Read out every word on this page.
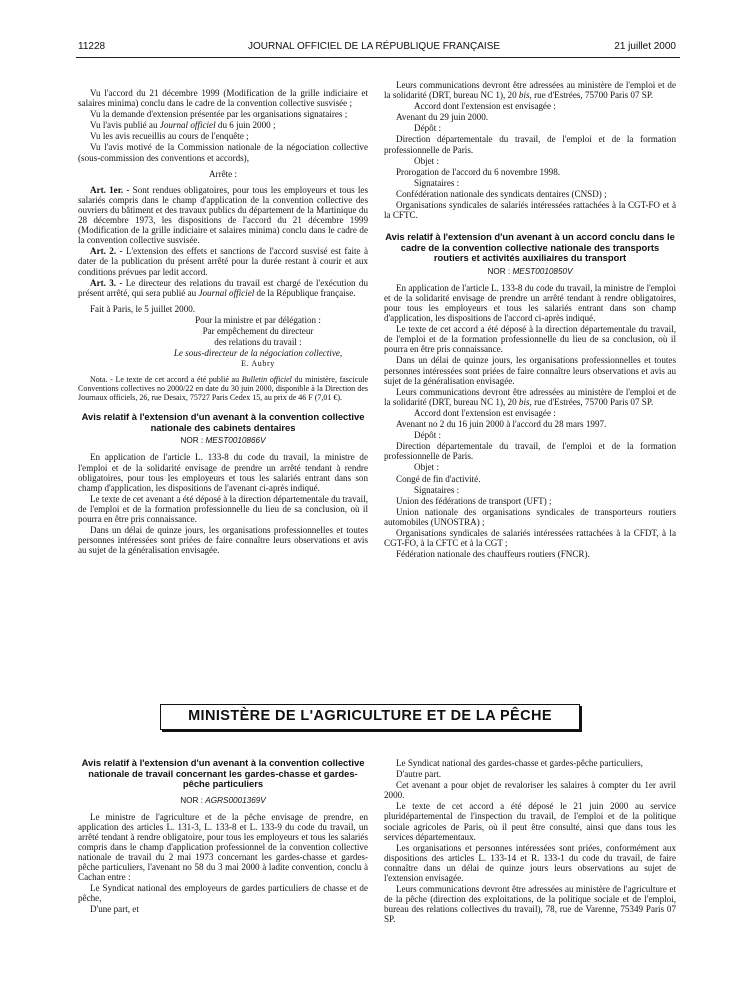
11228	JOURNAL OFFICIEL DE LA RÉPUBLIQUE FRANÇAISE	21 juillet 2000

Vu l'accord du 21 décembre 1999 (Modification de la grille indiciaire et salaires minima) conclu dans le cadre de la convention collective susvisée ;

Vu la demande d'extension présentée par les organisations signataires ;

Vu l'avis publié au Journal officiel du 6 juin 2000 ;

Vu les avis recueillis au cours de l'enquête ;

Vu l'avis motivé de la Commission nationale de la négociation collective (sous-commission des conventions et accords),

Arrête :

Art. 1er. - Sont rendues obligatoires, pour tous les employeurs et tous les salariés compris dans le champ d'application de la convention collective des ouvriers du bâtiment et des travaux publics du département de la Martinique du 28 décembre 1973, les dispositions de l'accord du 21 décembre 1999 (Modification de la grille indiciaire et salaires minima) conclu dans le cadre de la convention collective susvisée.

Art. 2. - L'extension des effets et sanctions de l'accord susvisé est faite à dater de la publication du présent arrêté pour la durée restant à courir et aux conditions prévues par ledit accord.

Art. 3. - Le directeur des relations du travail est chargé de l'exécution du présent arrêté, qui sera publié au Journal officiel de la République française.

Fait à Paris, le 5 juillet 2000.

Pour la ministre et par délégation :

Par empêchement du directeur

des relations du travail :

Le sous-directeur de la négociation collective,

E. Aubry

Nota. - Le texte de cet accord a été publié au Bulletin officiel du ministère, fascicule Conventions collectives no 2000/22 en date du 30 juin 2000, disponible à la Direction des Journaux officiels, 26, rue Desaix, 75727 Paris Cedex 15, au prix de 46 F (7,01 €).

Avis relatif à l'extension d'un avenant à la convention collective nationale des cabinets dentaires

NOR : MEST0010866V

En application de l'article L. 133-8 du code du travail, la ministre de l'emploi et de la solidarité envisage de prendre un arrêté tendant à rendre obligatoires, pour tous les employeurs et tous les salariés entrant dans son champ d'application, les dispositions de l'avenant ci-après indiqué.

Le texte de cet avenant a été déposé à la direction départementale du travail, de l'emploi et de la formation professionnelle du lieu de sa conclusion, où il pourra en être pris connaissance.

Dans un délai de quinze jours, les organisations professionnelles et toutes personnes intéressées sont priées de faire connaître leurs observations et avis au sujet de la généralisation envisagée.

Leurs communications devront être adressées au ministère de l'emploi et de la solidarité (DRT, bureau NC 1), 20 bis, rue d'Estrées, 75700 Paris 07 SP.

Accord dont l'extension est envisagée :

Avenant du 29 juin 2000.

Dépôt :

Direction départementale du travail, de l'emploi et de la formation professionnelle de Paris.

Objet :

Prorogation de l'accord du 6 novembre 1998.

Signataires :

Confédération nationale des syndicats dentaires (CNSD) ;

Organisations syndicales de salariés intéressées rattachées à la CGT-FO et à la CFTC.

Avis relatif à l'extension d'un avenant à un accord conclu dans le cadre de la convention collective nationale des transports routiers et activités auxiliaires du transport

NOR : MEST0010850V

En application de l'article L. 133-8 du code du travail, la ministre de l'emploi et de la solidarité envisage de prendre un arrêté tendant à rendre obligatoires, pour tous les employeurs et tous les salariés entrant dans son champ d'application, les dispositions de l'accord ci-après indiqué.

Le texte de cet accord a été déposé à la direction départementale du travail, de l'emploi et de la formation professionnelle du lieu de sa conclusion, où il pourra en être pris connaissance.

Dans un délai de quinze jours, les organisations professionnelles et toutes personnes intéressées sont priées de faire connaître leurs observations et avis au sujet de la généralisation envisagée.

Leurs communications devront être adressées au ministère de l'emploi et de la solidarité (DRT, bureau NC 1), 20 bis, rue d'Estrées, 75700 Paris 07 SP.

Accord dont l'extension est envisagée :

Avenant no 2 du 16 juin 2000 à l'accord du 28 mars 1997.

Dépôt :

Direction départementale du travail, de l'emploi et de la formation professionnelle de Paris.

Objet :

Congé de fin d'activité.

Signataires :

Union des fédérations de transport (UFT) ;

Union nationale des organisations syndicales de transporteurs routiers automobiles (UNOSTRA) ;

Organisations syndicales de salariés intéressées rattachées à la CFDT, à la CGT-FO, à la CFTC et à la CGT ;

Fédération nationale des chauffeurs routiers (FNCR).

MINISTÈRE DE L'AGRICULTURE ET DE LA PÊCHE

Avis relatif à l'extension d'un avenant à la convention collective nationale de travail concernant les gardes-chasse et gardes-pêche particuliers

NOR : AGRS0001369V

Le ministre de l'agriculture et de la pêche envisage de prendre, en application des articles L. 131-3, L. 133-8 et L. 133-9 du code du travail, un arrêté tendant à rendre obligatoire, pour tous les employeurs et tous les salariés compris dans le champ d'application professionnel de la convention collective nationale de travail du 2 mai 1973 concernant les gardes-chasse et gardes-pêche particuliers, l'avenant no 58 du 3 mai 2000 à ladite convention, conclu à Cachan entre :

Le Syndicat national des employeurs de gardes particuliers de chasse et de pêche,

D'une part, et

Le Syndicat national des gardes-chasse et gardes-pêche particuliers,

D'autre part.

Cet avenant a pour objet de revaloriser les salaires à compter du 1er avril 2000.

Le texte de cet accord a été déposé le 21 juin 2000 au service pluridépartemental de l'inspection du travail, de l'emploi et de la politique sociale agricoles de Paris, où il peut être consulté, ainsi que dans tous les services départementaux.

Les organisations et personnes intéressées sont priées, conformément aux dispositions des articles L. 133-14 et R. 133-1 du code du travail, de faire connaître dans un délai de quinze jours leurs observations au sujet de l'extension envisagée.

Leurs communications devront être adressées au ministère de l'agriculture et de la pêche (direction des exploitations, de la politique sociale et de l'emploi, bureau des relations collectives du travail), 78, rue de Varenne, 75349 Paris 07 SP.
